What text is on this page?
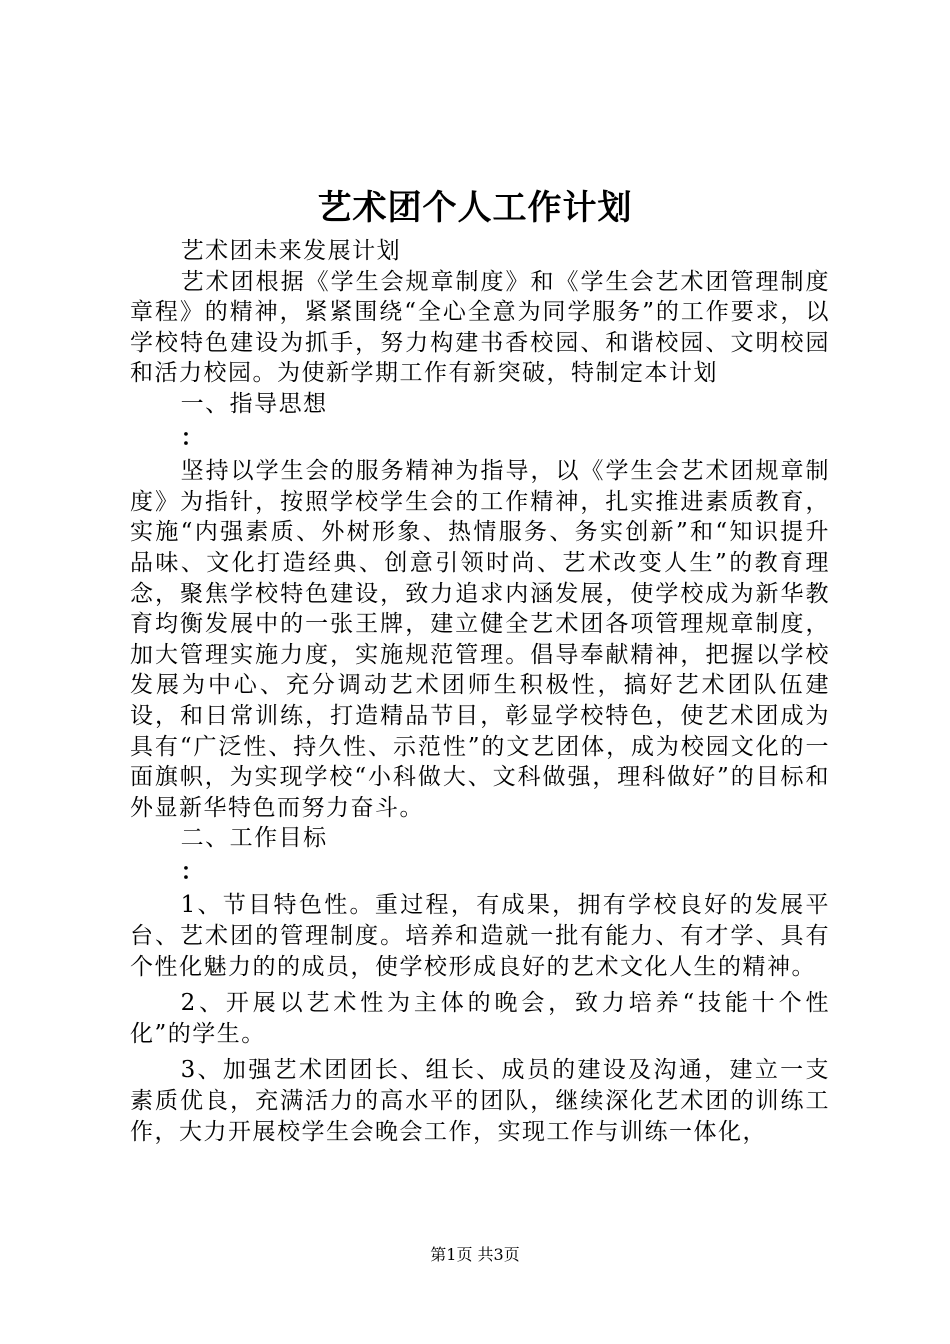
艺术团个人工作计划

艺术团未来发展计划

艺术团根据《学生会规章制度》和《学生会艺术团管理制度章程》的精神，紧紧围绕“全心全意为同学服务”的工作要求，以学校特色建设为抓手，努力构建书香校园、和谐校园、文明校园和活力校园。为使新学期工作有新突破，特制定本计划

一、指导思想

：

坚持以学生会的服务精神为指导，以《学生会艺术团规章制度》为指针，按照学校学生会的工作精神，扎实推进素质教育，实施“内强素质、外树形象、热情服务、务实创新”和“知识提升品味、文化打造经典、创意引领时尚、艺术改变人生”的教育理念，聚焦学校特色建设，致力追求内涵发展，使学校成为新华教育均衡发展中的一张王牌，建立健全艺术团各项管理规章制度，加大管理实施力度，实施规范管理。倡导奉献精神，把握以学校发展为中心、充分调动艺术团师生积极性，搞好艺术团队伍建设，和日常训练，打造精品节目，彰显学校特色，使艺术团成为具有“广泛性、持久性、示范性”的文艺团体，成为校园文化的一面旗帜，为实现学校“小科做大、文科做强，理科做好”的目标和外显新华特色而努力奋斗。

二、工作目标

：

1、节目特色性。重过程，有成果，拥有学校良好的发展平台、艺术团的管理制度。培养和造就一批有能力、有才学、具有个性化魅力的的成员，使学校形成良好的艺术文化人生的精神。

2、开展以艺术性为主体的晚会，致力培养“技能十个性化”的学生。

3、加强艺术团团长、组长、成员的建设及沟通，建立一支素质优良，充满活力的高水平的团队，继续深化艺术团的训练工作，大力开展校学生会晚会工作，实现工作与训练一体化，

第1页 共3页
